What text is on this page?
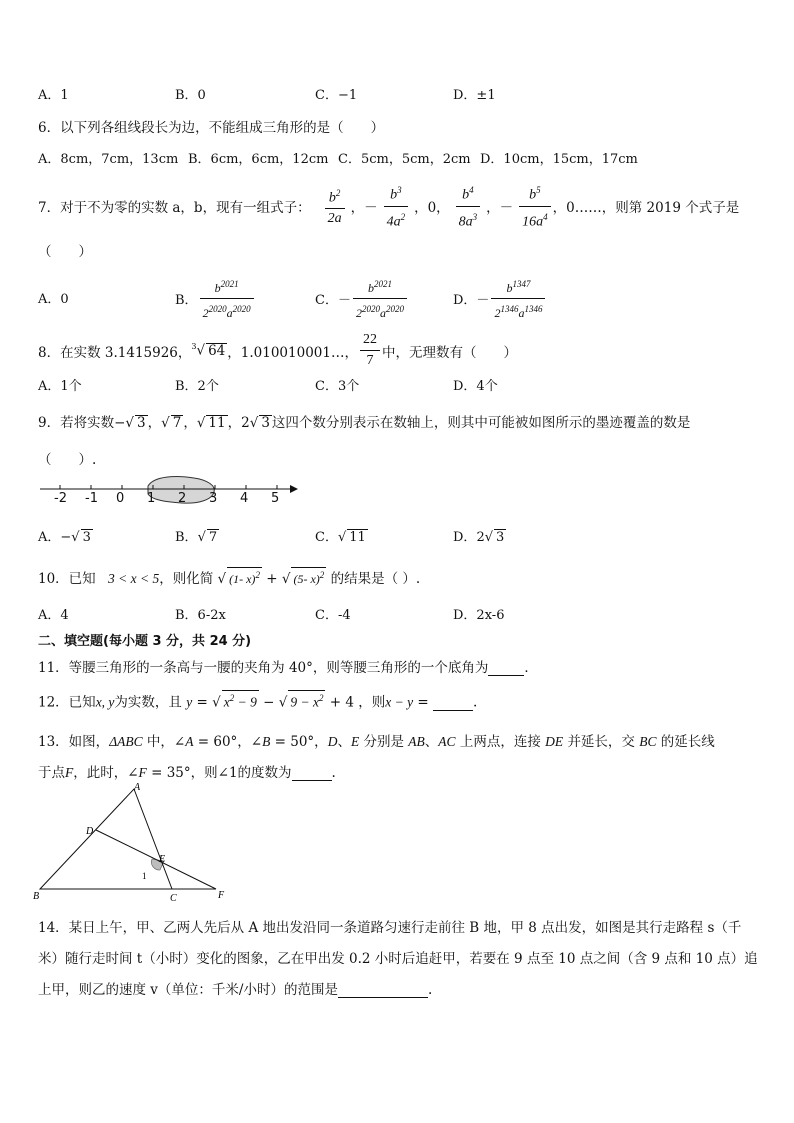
A．1	B．0	C．−1	D．±1
6．以下列各组线段长为边，不能组成三角形的是（　　）
A．8cm，7cm，13cm B．6cm，6cm，12cm C．5cm，5cm，2cm D．10cm，15cm，17cm
7．对于不为零的实数 a，b，现有一组式子： $\frac{b^2}{2a}$ ，－ $\frac{b^3}{4a^2}$ ，0， $\frac{b^4}{8a^3}$ ，－ $\frac{b^5}{16a^4}$ ，0……，则第 2019 个式子是
（　　）
A．0	B． $\frac{b^{2021}}{2^{2020}a^{2020}}$	C．－ $\frac{b^{2021}}{2^{2020}a^{2020}}$	D．－ $\frac{b^{1347}}{2^{1346}a^{1346}}$
8．在实数 3.1415926， $^3$√ 64 ，1.010010001…， $\frac{22}{7}$ 中，无理数有（　　）
A．1个	B．2个	C．3个	D．4个
9．若将实数−√ 3 ，√ 7 ，√ 11 ，2√ 3 这四个数分别表示在数轴上，则其中可能被如图所示的墨迹覆盖的数是
（　　）.
-2 -1 0 1 2 3 4 5
A．−√ 3	B．√ 7	C．√ 11	D．2√ 3
10．已知 3 < x < 5，则化简 √ (1- x)$^2$ + √ (5- x)$^2$ 的结果是（ ）.
A．4	B．6-2x	C．-4	D．2x-6
二、填空题(每小题 3 分，共 24 分)
11．等腰三角形的一条高与一腰的夹角为 40°，则等腰三角形的一个底角为	．
12．已知x, y为实数，且 y = √ $x^2 - 9$ − √ $9 - x^2 + 4$ ，则x − y =	.
13．如图，ΔABC 中，∠A = 60°，∠B = 50°，D、E 分别是 AB、AC 上两点，连接 DE 并延长，交 BC 的延长线
于点F，此时，∠F = 35°，则∠1的度数为	.
A
B	C
D
E
F
1
14．某日上午，甲、乙两人先后从 A 地出发沿同一条道路匀速行走前往 B 地，甲 8 点出发，如图是其行走路程 s（千
米）随行走时间 t（小时）变化的图象，乙在甲出发 0.2 小时后追赶甲，若要在 9 点至 10 点之间（含 9 点和 10 点）追
上甲，则乙的速度 v（单位：千米/小时）的范围是	.
